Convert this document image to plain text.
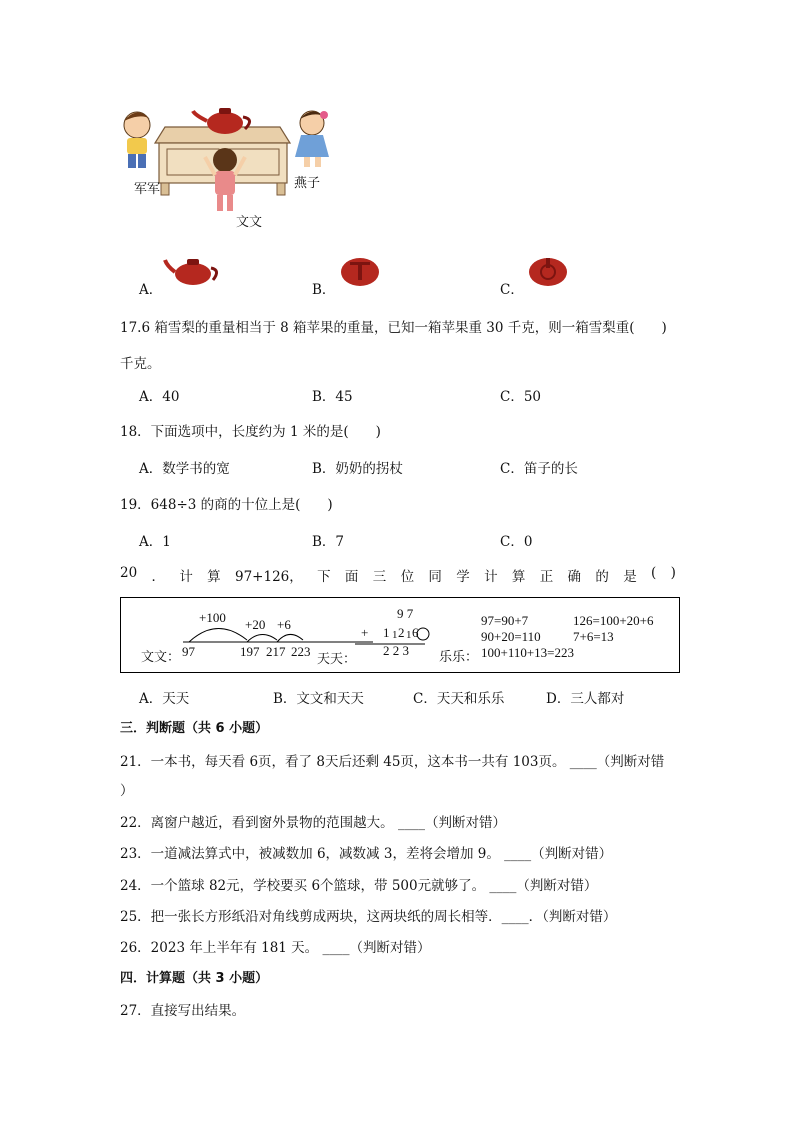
军军	燕子
文文
A．	B．	C．
17.6 箱雪梨的重量相当于 8 箱苹果的重量，已知一箱苹果重 30 千克，则一箱雪梨重(　　)
千克。
A．40	B．45	C．50
18．下面选项中，长度约为 1 米的是(　　)
A．数学书的宽	B．奶奶的拐杖	C．笛子的长
19．648÷3 的商的十位上是(　　)
A．1	B．7	C．0
20 ． 计 算 97+126， 下 面 三 位 同 学 计 算 正 确 的 是 ( )
+100 +20 +6
文文： 97	197 217 223 天天：
9 7
+ 1 1 2 1 6
2 2 3
97=90+7	126=100+20+6
90+20=110 7+6=13
乐乐： 100+110+13=223
A．天天	B．文文和天天	C．天天和乐乐	D．三人都对
三．判断题（共 6 小题）
21．一本书，每天看 6页，看了 8天后还剩 45页，这本书一共有 103页。 ____（判断对错
）
22．离窗户越近，看到窗外景物的范围越大。 ____（判断对错）
23．一道减法算式中，被减数加 6，减数减 3，差将会增加 9。 ____（判断对错）
24．一个篮球 82元，学校要买 6个篮球，带 500元就够了。 ____（判断对错）
25．把一张长方形纸沿对角线剪成两块，这两块纸的周长相等．____．（判断对错）
26．2023 年上半年有 181 天。 ____（判断对错）
四．计算题（共 3 小题）
27．直接写出结果。
